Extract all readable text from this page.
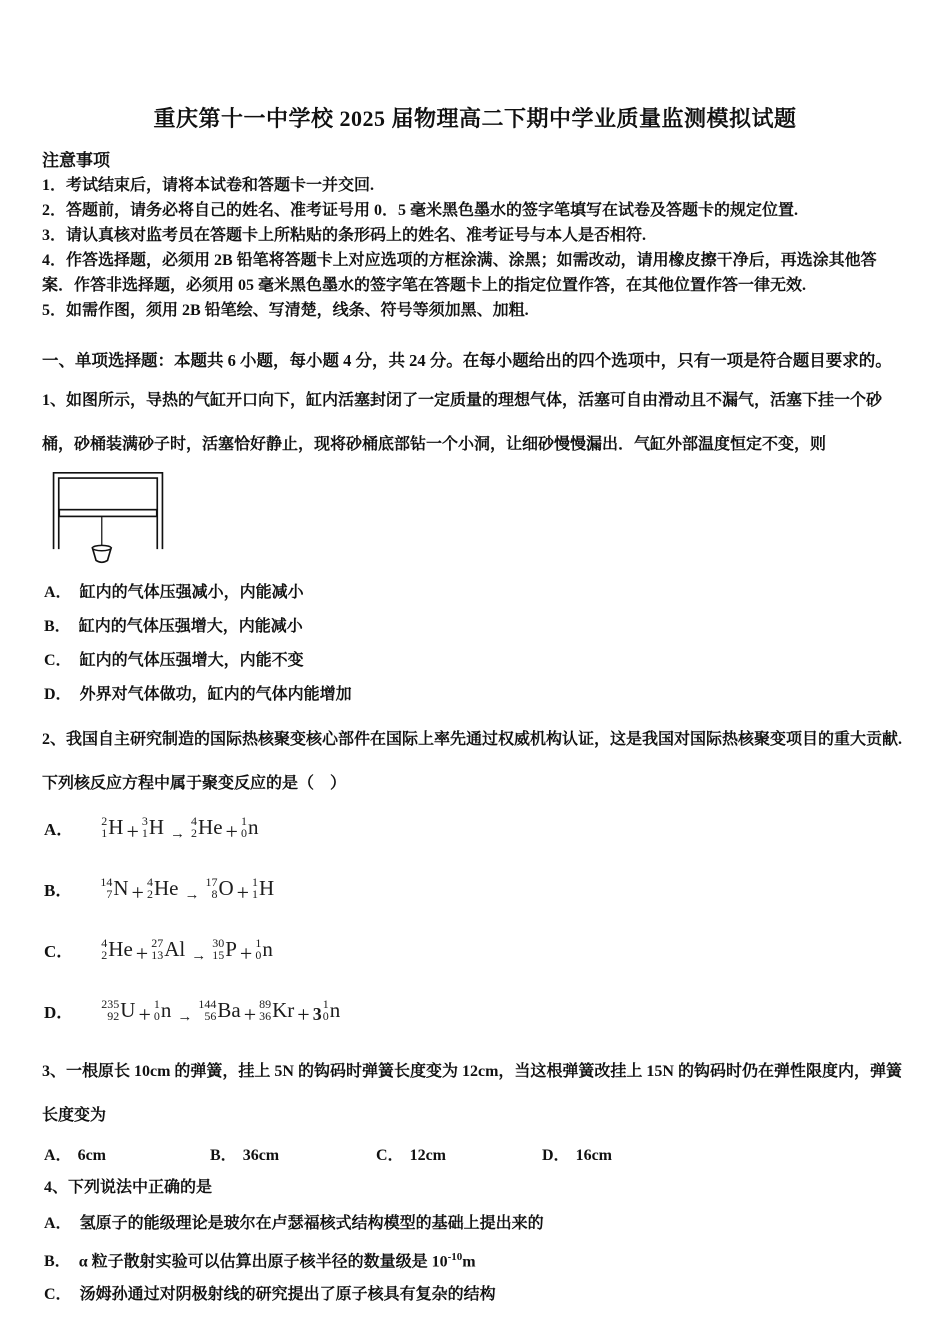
重庆第十一中学校 2025 届物理高二下期中学业质量监测模拟试题
注意事项

1．考试结束后，请将本试卷和答题卡一并交回.

2．答题前，请务必将自己的姓名、准考证号用 0．5 毫米黑色墨水的签字笔填写在试卷及答题卡的规定位置.

3．请认真核对监考员在答题卡上所粘贴的条形码上的姓名、准考证号与本人是否相符.

4．作答选择题，必须用 2B 铅笔将答题卡上对应选项的方框涂满、涂黑；如需改动，请用橡皮擦干净后，再选涂其他答案．作答非选择题，必须用 05 毫米黑色墨水的签字笔在答题卡上的指定位置作答，在其他位置作答一律无效.

5．如需作图，须用 2B 铅笔绘、写清楚，线条、符号等须加黑、加粗.

一、单项选择题：本题共 6 小题，每小题 4 分，共 24 分。在每小题给出的四个选项中，只有一项是符合题目要求的。

1、如图所示，导热的气缸开口向下，缸内活塞封闭了一定质量的理想气体，活塞可自由滑动且不漏气，活塞下挂一个砂桶，砂桶装满砂子时，活塞恰好静止，现将砂桶底部钻一个小洞，让细砂慢慢漏出．气缸外部温度恒定不变，则

A． 缸内的气体压强减小，内能减小

B． 缸内的气体压强增大，内能减小

C． 缸内的气体压强增大，内能不变

D． 外界对气体做功，缸内的气体内能增加

2、我国自主研究制造的国际热核聚变核心部件在国际上率先通过权威机构认证，这是我国对国际热核聚变项目的重大贡献.下列核反应方程中属于聚变反应的是（　）

A． 2
1 H + 3
1 H →
4
2 He + 1
0 n
B． 14
7 N + 4
2 He →
17
8 O + 1
1 H
C． 4
2 He + 27
13 Al →
30
15 P + 1
0 n
D． 235
92 U + 1
0 n →
144
56 Ba + 89
36 Kr + 3 1
0 n

3、一根原长 10cm 的弹簧，挂上 5N 的钩码时弹簧长度变为 12cm，当这根弹簧改挂上 15N 的钩码时仍在弹性限度内，弹簧长度变为

A． 6cm	B． 36cm	C． 12cm	D． 16cm

4、下列说法中正确的是

A． 氢原子的能级理论是玻尔在卢瑟福核式结构模型的基础上提出来的

B． α 粒子散射实验可以估算出原子核半径的数量级是 $10^{-10}m$

C． 汤姆孙通过对阴极射线的研究提出了原子核具有复杂的结构
